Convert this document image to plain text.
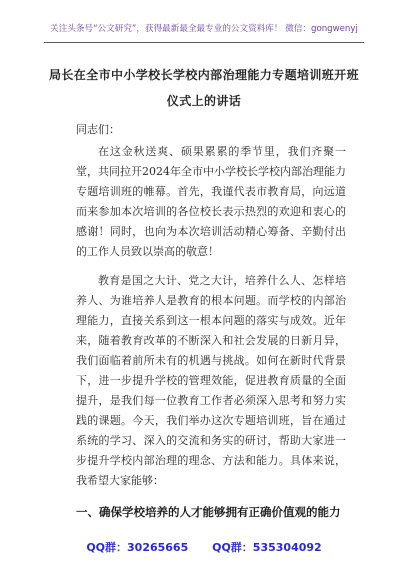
关注头条号“公文研究”，获得最新最全最专业的公文资料库！ 微信：gongwenyj
局长在全市中小学校长学校内部治理能力专题培训班开班
仪式上的讲话
同志们：

在这金秋送爽、硕果累累的季节里，我们齐聚一堂，共同拉开2024年全市中小学校长学校内部治理能力专题培训班的帷幕。首先，我谨代表市教育局，向远道而来参加本次培训的各位校长表示热烈的欢迎和衷心的感谢！同时，也向为本次培训活动精心筹备、辛勤付出的工作人员致以崇高的敬意！

教育是国之大计、党之大计，培养什么人、怎样培养人、为谁培养人是教育的根本问题。而学校的内部治理能力，直接关系到这一根本问题的落实与成效。近年来，随着教育改革的不断深入和社会发展的日新月异，我们面临着前所未有的机遇与挑战。如何在新时代背景下，进一步提升学校的管理效能，促进教育质量的全面提升，是我们每一位教育工作者必须深入思考和努力实践的课题。今天，我们举办这次专题培训班，旨在通过系统的学习、深入的交流和务实的研讨，帮助大家进一步提升学校内部治理的理念、方法和能力。具体来说，我希望大家能够：

一、确保学校培养的人才能够拥有正确价值观的能力
QQ群：30265665 QQ群：535304092
